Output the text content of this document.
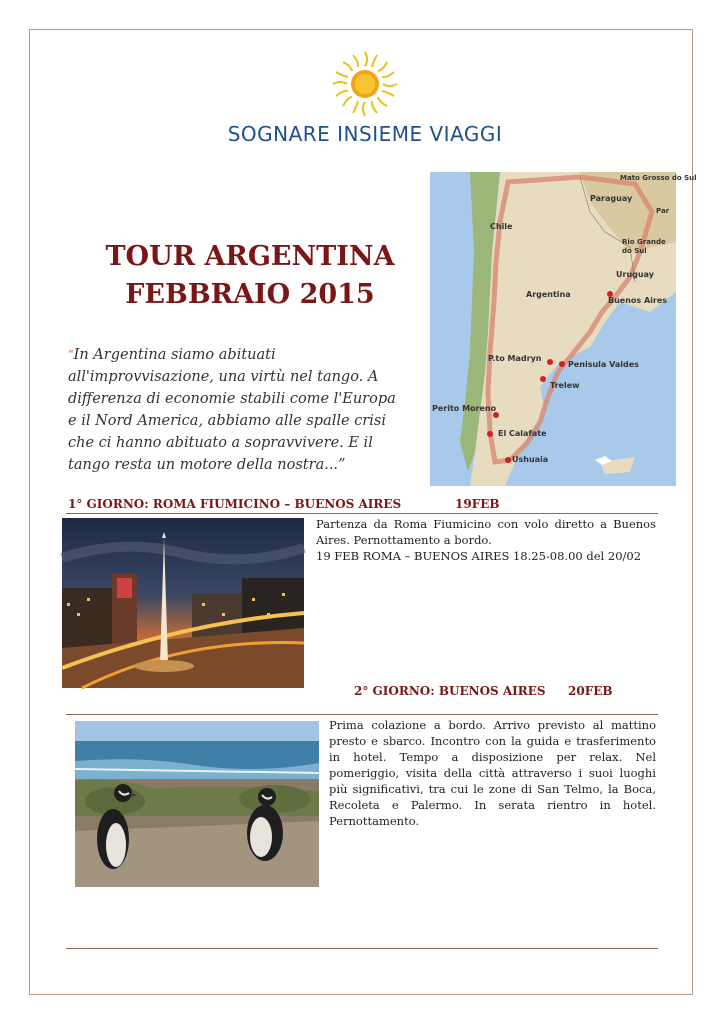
SOGNARE INSIEME VIAGGI
TOUR ARGENTINA
FEBBRAIO 2015
“In Argentina siamo abituati all'improvvisazione, una virtù nel tango. A differenza di economie stabili come l'Europa e il Nord America, abbiamo alle spalle crisi che ci hanno abituato a sopravvivere. E il tango resta un motore della nostra...”
Mato Grosso do Sul
Paraguay
Par
Chile
Rio Grande do Sul
Uruguay
Argentina
Buenos Aires
P.to Madryn
Penisula Valdes
Trelew
Perito Moreno
El Calafate
Ushuaia
1° GIORNO: ROMA FIUMICINO – BUENOS AIRES	19FEB

Partenza da Roma Fiumicino con volo diretto a Buenos Aires. Pernottamento a bordo.

19 FEB ROMA – BUENOS AIRES 18.25-08.00 del 20/02

2° GIORNO: BUENOS AIRES 20FEB

Prima colazione a bordo. Arrivo previsto al mattino presto e sbarco. Incontro con la guida e trasferimento in hotel. Tempo a disposizione per relax. Nel pomeriggio, visita della città attraverso i suoi luoghi più significativi, tra cui le zone di San Telmo, la Boca, Recoleta e Palermo. In serata rientro in hotel. Pernottamento.
